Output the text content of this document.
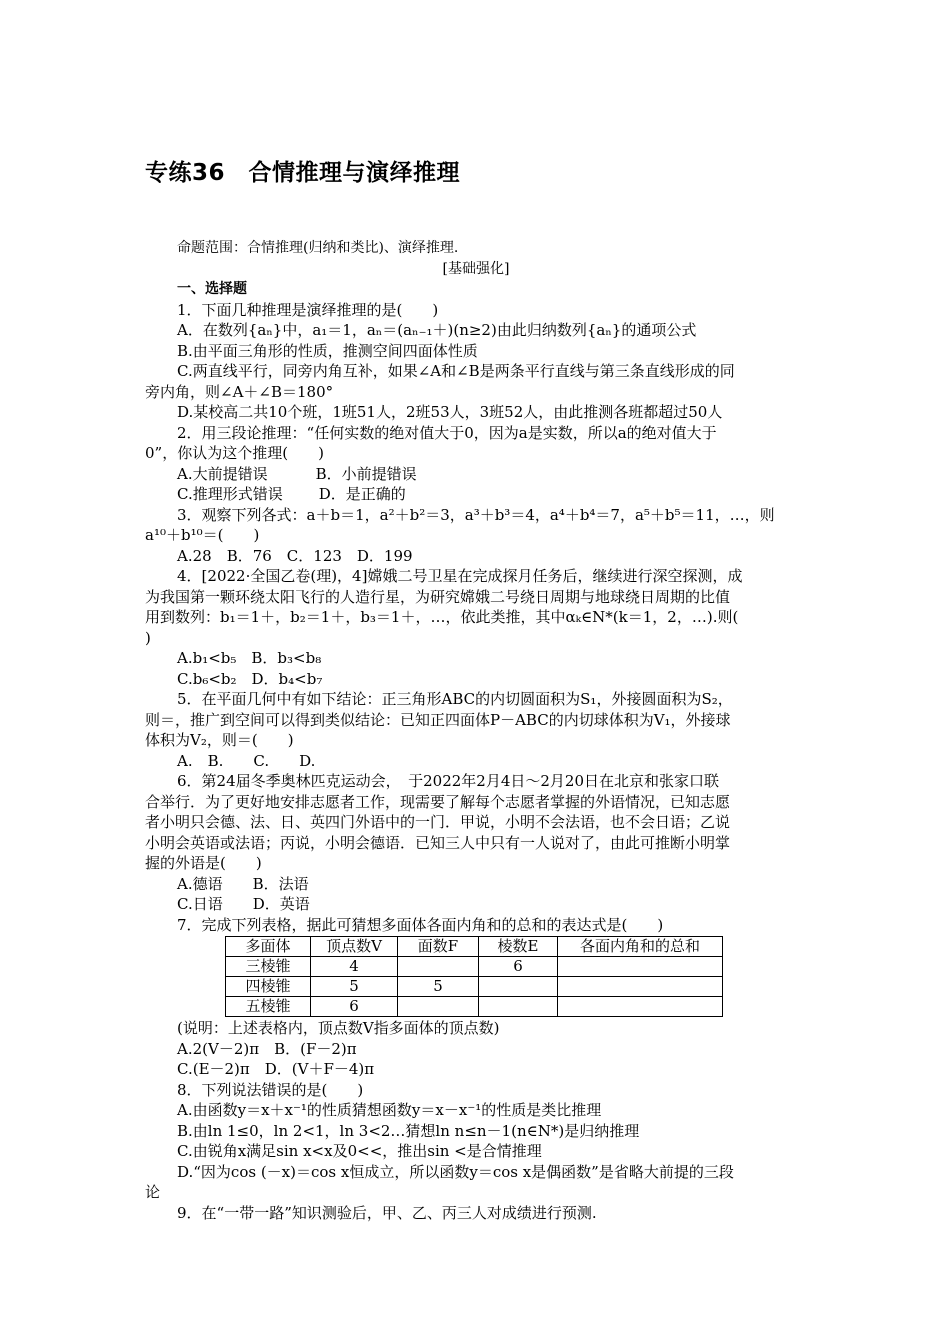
专练36　合情推理与演绎推理
命题范围：合情推理(归纳和类比)、演绎推理.
[基础强化]
一、选择题
1．下面几种推理是演绎推理的是(　　)
A．在数列{aₙ}中，a₁＝1，aₙ＝(aₙ₋₁＋)(n≥2)由此归纳数列{aₙ}的通项公式
B.由平面三角形的性质，推测空间四面体性质
C.两直线平行，同旁内角互补，如果∠A和∠B是两条平行直线与第三条直线形成的同
旁内角，则∠A＋∠B＝180°
D.某校高二共10个班，1班51人，2班53人，3班52人，由此推测各班都超过50人
2．用三段论推理：“任何实数的绝对值大于0，因为a是实数，所以a的绝对值大于
0”，你认为这个推理(　　)
A.大前提错误	B．小前提错误
C.推理形式错误 D．是正确的
3．观察下列各式：a＋b＝1，a²＋b²＝3，a³＋b³＝4，a⁴＋b⁴＝7，a⁵＋b⁵＝11，…，则
a¹⁰＋b¹⁰＝(　　)
A.28　B．76　C．123　D．199
4．[2022·全国乙卷(理)，4]嫦娥二号卫星在完成探月任务后，继续进行深空探测，成
为我国第一颗环绕太阳飞行的人造行星，为研究嫦娥二号绕日周期与地球绕日周期的比值
用到数列：b₁＝1＋，b₂＝1＋，b₃＝1＋，…，依此类推，其中αₖ∈N*(k＝1，2，…).则(
)
A.b₁<b₅　B．b₃<b₈
C.b₆<b₂　D．b₄<b₇
5．在平面几何中有如下结论：正三角形ABC的内切圆面积为S₁，外接圆面积为S₂，
则＝，推广到空间可以得到类似结论：已知正四面体P－ABC的内切球体积为V₁，外接球
体积为V₂，则＝(　　)
A.　B.　　C.　　D.
6．第24届冬季奥林匹克运动会，　于2022年2月4日～2月20日在北京和张家口联
合举行．为了更好地安排志愿者工作，现需要了解每个志愿者掌握的外语情况，已知志愿
者小明只会德、法、日、英四门外语中的一门．甲说，小明不会法语，也不会日语；乙说
小明会英语或法语；丙说，小明会德语．已知三人中只有一人说对了，由此可推断小明掌
握的外语是(　　)
A.德语　　B．法语
C.日语　　D．英语
7．完成下列表格，据此可猜想多面体各面内角和的总和的表达式是(　　)
多面体	顶点数V	面数F	棱数E	各面内角和的总和
三棱锥	4		6	
四棱锥	5	5		
五棱锥	6			
(说明：上述表格内，顶点数V指多面体的顶点数)
A.2(V－2)π　B．(F－2)π
C.(E－2)π　D．(V＋F－4)π
8．下列说法错误的是(　　)
A.由函数y＝x＋x⁻¹的性质猜想函数y＝x－x⁻¹的性质是类比推理
B.由ln 1≤0，ln 2<1，ln 3<2…猜想ln n≤n－1(n∈N*)是归纳推理
C.由锐角x满足sin x<x及0<<，推出sin <是合情推理
D.“因为cos (－x)＝cos x恒成立，所以函数y＝cos x是偶函数”是省略大前提的三段
论
9．在“一带一路”知识测验后，甲、乙、丙三人对成绩进行预测.
